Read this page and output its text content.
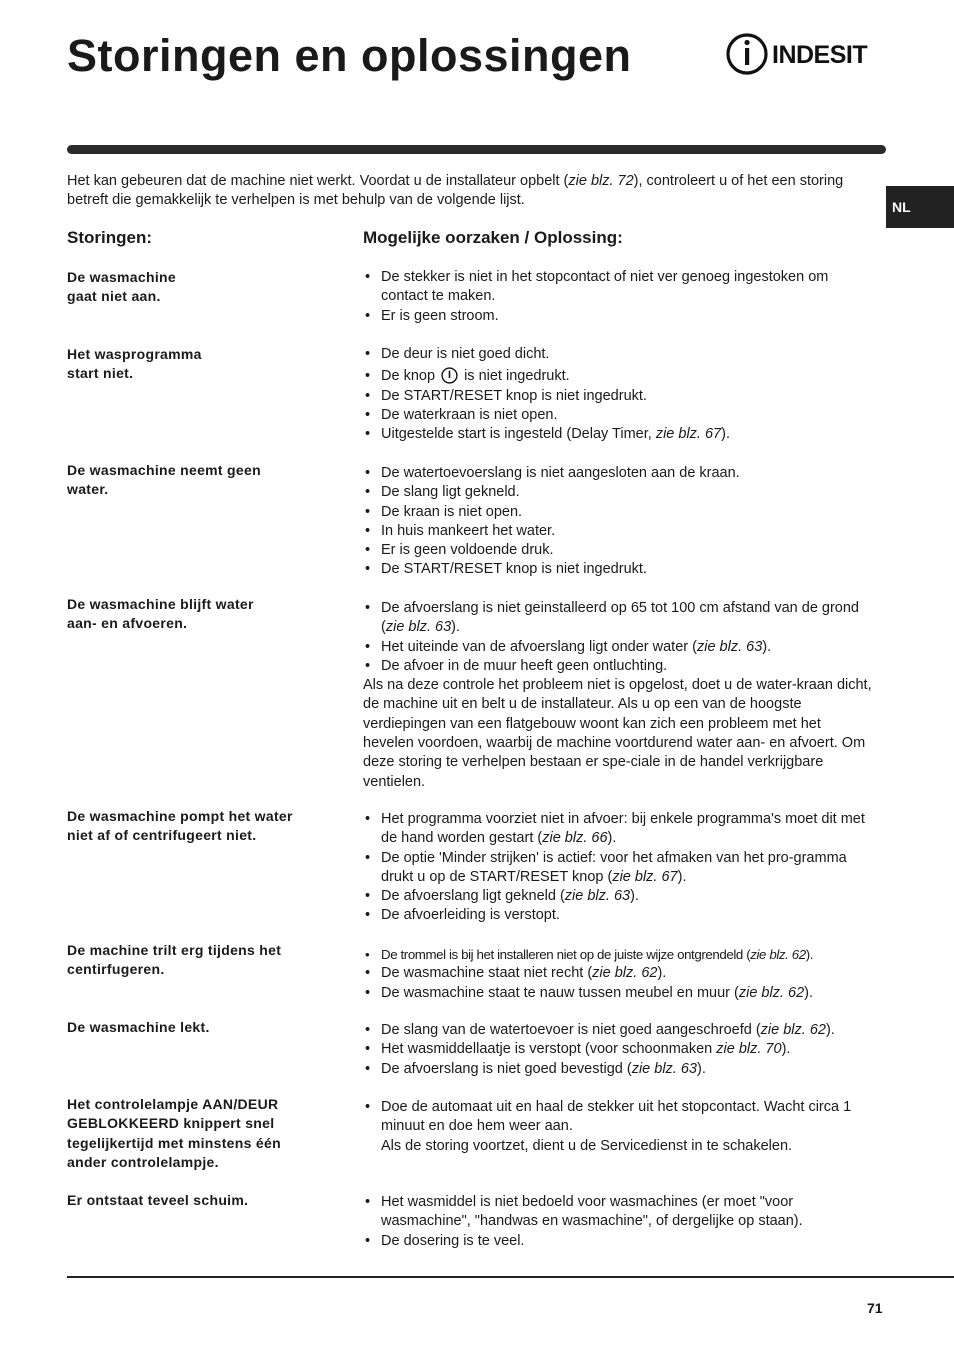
Storingen en oplossingen	INDESIT
NL

Het kan gebeuren dat de machine niet werkt. Voordat u de installateur opbelt (zie blz. 72), controleert u of het een storing betreft die gemakkelijk te verhelpen is met behulp van de volgende lijst.

Storingen:	Mogelijke oorzaken / Oplossing:
De wasmachine
gaat niet aan.
• De stekker is niet in het stopcontact of niet ver genoeg ingestoken om contact te maken.
• Er is geen stroom.
Het wasprogramma
start niet.
• De deur is niet goed dicht.
• De knop  is niet ingedrukt.
• De START/RESET knop is niet ingedrukt.
• De waterkraan is niet open.
• Uitgestelde start is ingesteld (Delay Timer, zie blz. 67).
De wasmachine neemt geen
water.
• De watertoevoerslang is niet aangesloten aan de kraan.
• De slang ligt gekneld.
• De kraan is niet open.
• In huis mankeert het water.
• Er is geen voldoende druk.
• De START/RESET knop is niet ingedrukt.
De wasmachine blijft water
aan- en afvoeren.
• De afvoerslang is niet geinstalleerd op 65 tot 100 cm afstand van de grond (zie blz. 63).
• Het uiteinde van de afvoerslang ligt onder water (zie blz. 63).
• De afvoer in de muur heeft geen ontluchting.

Als na deze controle het probleem niet is opgelost, doet u de water-kraan dicht, de machine uit en belt u de installateur. Als u op een van de hoogste verdiepingen van een flatgebouw woont kan zich een probleem met het hevelen voordoen, waarbij de machine voortdurend water aan- en afvoert. Om deze storing te verhelpen bestaan er spe-ciale in de handel verkrijgbare ventielen.

De wasmachine pompt het water
niet af of centrifugeert niet.
• Het programma voorziet niet in afvoer: bij enkele programma's moet dit met de hand worden gestart (zie blz. 66).
• De optie 'Minder strijken' is actief: voor het afmaken van het pro-gramma drukt u op de START/RESET knop (zie blz. 67).
• De afvoerslang ligt gekneld (zie blz. 63).
• De afvoerleiding is verstopt.
De machine trilt erg tijdens het
centirfugeren.
• De trommel is bij het installeren niet op de juiste wijze ontgrendeld (zie blz. 62).
• De wasmachine staat niet recht (zie blz. 62).
• De wasmachine staat te nauw tussen meubel en muur (zie blz. 62).
De wasmachine lekt.	• De slang van de watertoevoer is niet goed aangeschroefd (zie blz. 62).
• Het wasmiddellaatje is verstopt (voor schoonmaken zie blz. 70).
• De afvoerslang is niet goed bevestigd (zie blz. 63).
Het controlelampje AAN/DEUR
GEBLOKKEERD knippert snel
tegelijkertijd met minstens één
ander controlelampje.
• Doe de automaat uit en haal de stekker uit het stopcontact. Wacht circa 1 minuut en doe hem weer aan.

Als de storing voortzet, dient u de Servicedienst in te schakelen.

Er ontstaat teveel schuim.	• Het wasmiddel is niet bedoeld voor wasmachines (er moet "voor wasmachine", "handwas en wasmachine", of dergelijke op staan).
• De dosering is te veel.
71
